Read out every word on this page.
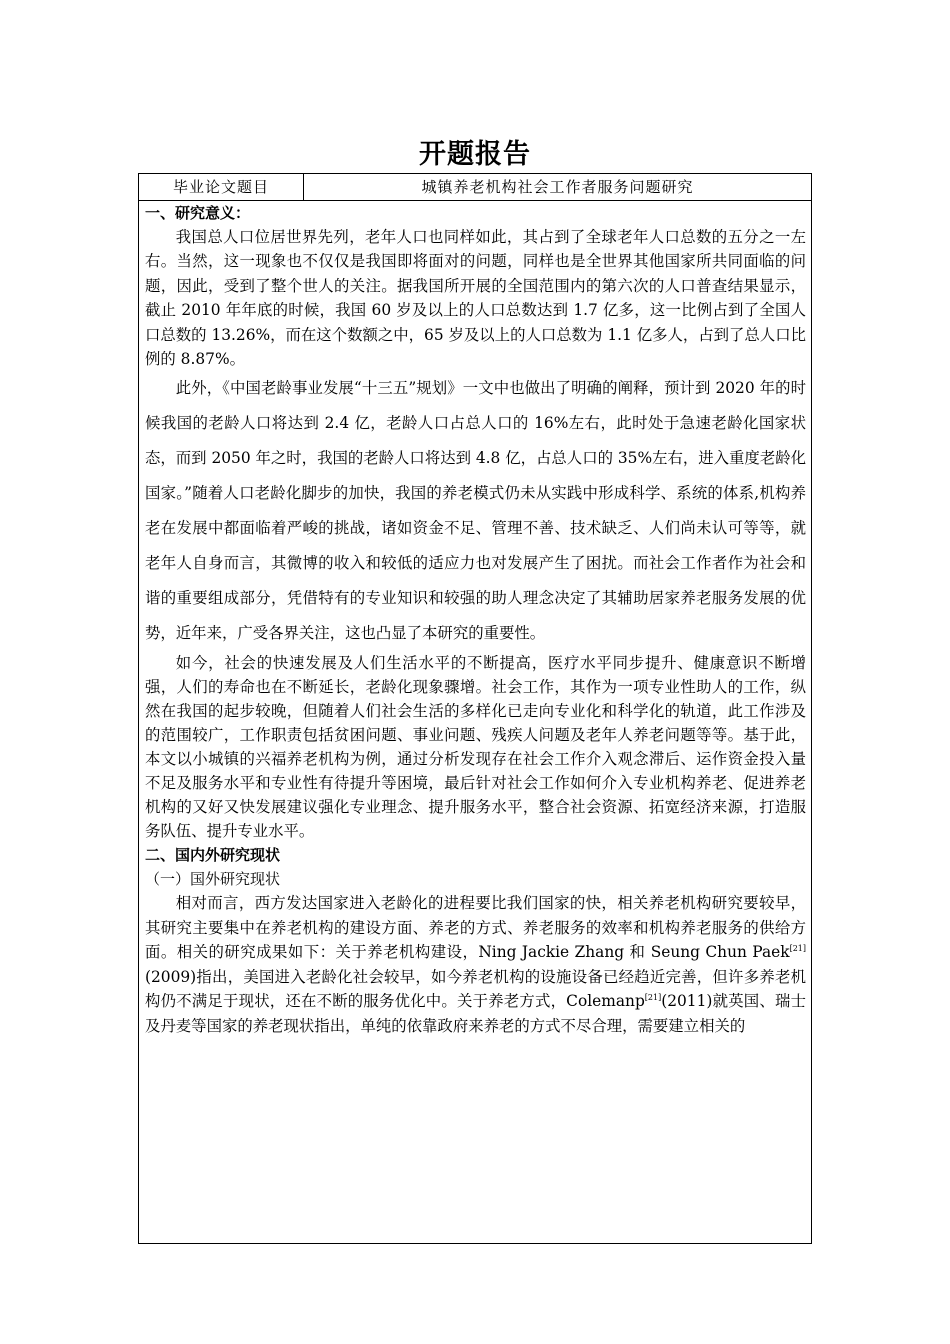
开题报告
毕业论文题目	城镇养老机构社会工作者服务问题研究

一、研究意义：

我国总人口位居世界先列，老年人口也同样如此，其占到了全球老年人口总数的五分之一左右。当然，这一现象也不仅仅是我国即将面对的问题，同样也是全世界其他国家所共同面临的问题，因此，受到了整个世人的关注。据我国所开展的全国范围内的第六次的人口普查结果显示，截止 2010 年年底的时候，我国 60 岁及以上的人口总数达到 1.7 亿多，这一比例占到了全国人口总数的 13.26%，而在这个数额之中，65 岁及以上的人口总数为 1.1 亿多人，占到了总人口比例的 8.87%。

此外，《中国老龄事业发展“十三五”规划》一文中也做出了明确的阐释，预计到 2020 年的时候我国的老龄人口将达到 2.4 亿，老龄人口占总人口的 16%左右，此时处于急速老龄化国家状态，而到 2050 年之时，我国的老龄人口将达到 4.8 亿，占总人口的 35%左右，进入重度老龄化国家。”随着人口老龄化脚步的加快，我国的养老模式仍未从实践中形成科学、系统的体系,机构养老在发展中都面临着严峻的挑战，诸如资金不足、管理不善、技术缺乏、人们尚未认可等等，就老年人自身而言，其微博的收入和较低的适应力也对发展产生了困扰。而社会工作者作为社会和谐的重要组成部分，凭借特有的专业知识和较强的助人理念决定了其辅助居家养老服务发展的优势，近年来，广受各界关注，这也凸显了本研究的重要性。

如今，社会的快速发展及人们生活水平的不断提高，医疗水平同步提升、健康意识不断增强，人们的寿命也在不断延长，老龄化现象骤增。社会工作，其作为一项专业性助人的工作，纵然在我国的起步较晚，但随着人们社会生活的多样化已走向专业化和科学化的轨道，此工作涉及的范围较广，工作职责包括贫困问题、事业问题、残疾人问题及老年人养老问题等等。基于此，本文以小城镇的兴福养老机构为例，通过分析发现存在社会工作介入观念滞后、运作资金投入量不足及服务水平和专业性有待提升等困境，最后针对社会工作如何介入专业机构养老、促进养老机构的又好又快发展建议强化专业理念、提升服务水平，整合社会资源、拓宽经济来源，打造服务队伍、提升专业水平。

二、国内外研究现状

（一）国外研究现状

相对而言，西方发达国家进入老龄化的进程要比我们国家的快，相关养老机构研究要较早，其研究主要集中在养老机构的建设方面、养老的方式、养老服务的效率和机构养老服务的供给方面。相关的研究成果如下：关于养老机构建设，Ning Jackie Zhang 和 Seung Chun Paek[21](2009)指出，美国进入老龄化社会较早，如今养老机构的设施设备已经趋近完善，但许多养老机构仍不满足于现状，还在不断的服务优化中。关于养老方式，Colemanp[21](2011)就英国、瑞士及丹麦等国家的养老现状指出，单纯的依靠政府来养老的方式不尽合理，需要建立相关的
